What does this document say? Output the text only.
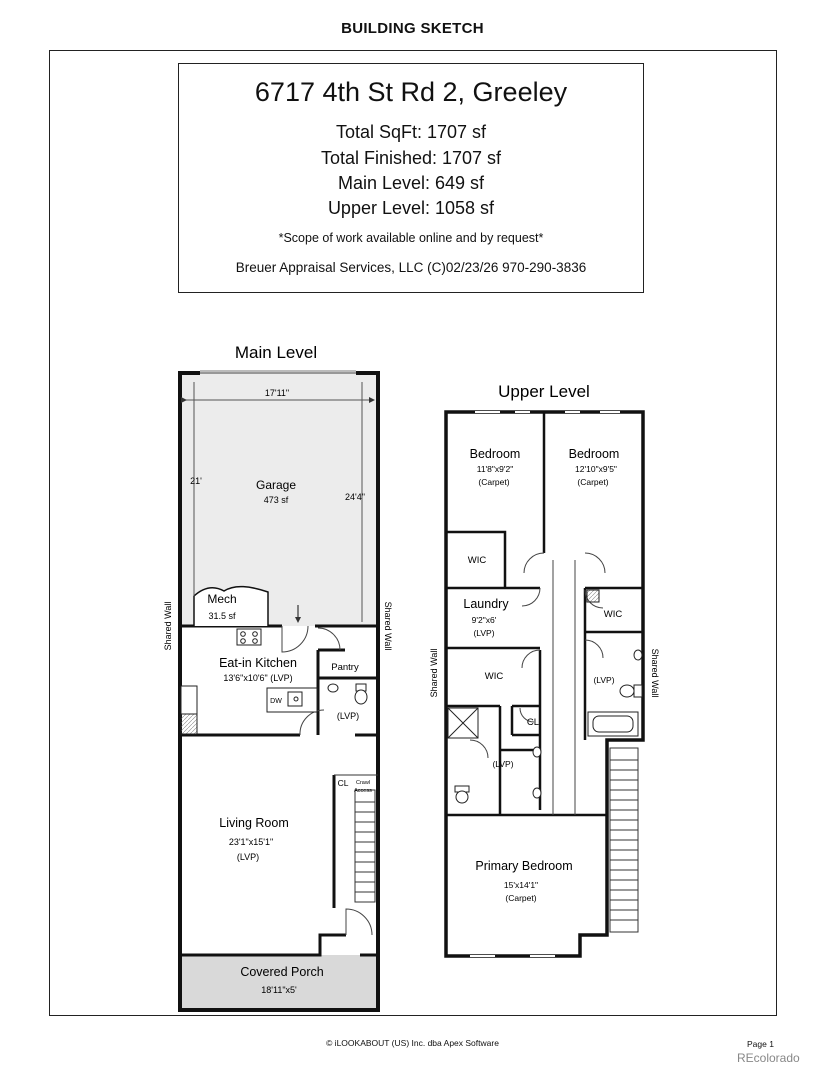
BUILDING SKETCH
6717 4th St Rd 2, Greeley
Total SqFt: 1707 sf
Total Finished: 1707 sf
Main Level: 649 sf
Upper Level: 1058 sf
*Scope of work available online and by request*
Breuer Appraisal Services, LLC (C)02/23/26 970-290-3836
Main Level
17'11"
21'
24'4"
DW
Garage
473 sf
Mech
31.5 sf
Eat-in Kitchen
13'6"x10'6" (LVP)
Pantry
(LVP)
CL Crawl
Access
Living Room
23'1"x15'1"
(LVP)
Covered Porch
18'11"x5'
Shared Wall	Shared Wall
Upper Level
Bedroom
11'8"x9'2"
(Carpet)
Bedroom
12'10"x9'5"
(Carpet)
WIC
WIC
Laundry
9'2"x6'
(LVP)
WIC	(LVP)
CL
(LVP)
Primary Bedroom
15'x14'1"
(Carpet)
Shared Wall	Shared Wall
© iLOOKABOUT (US) Inc. dba Apex Software	Page 1
REcolorado
